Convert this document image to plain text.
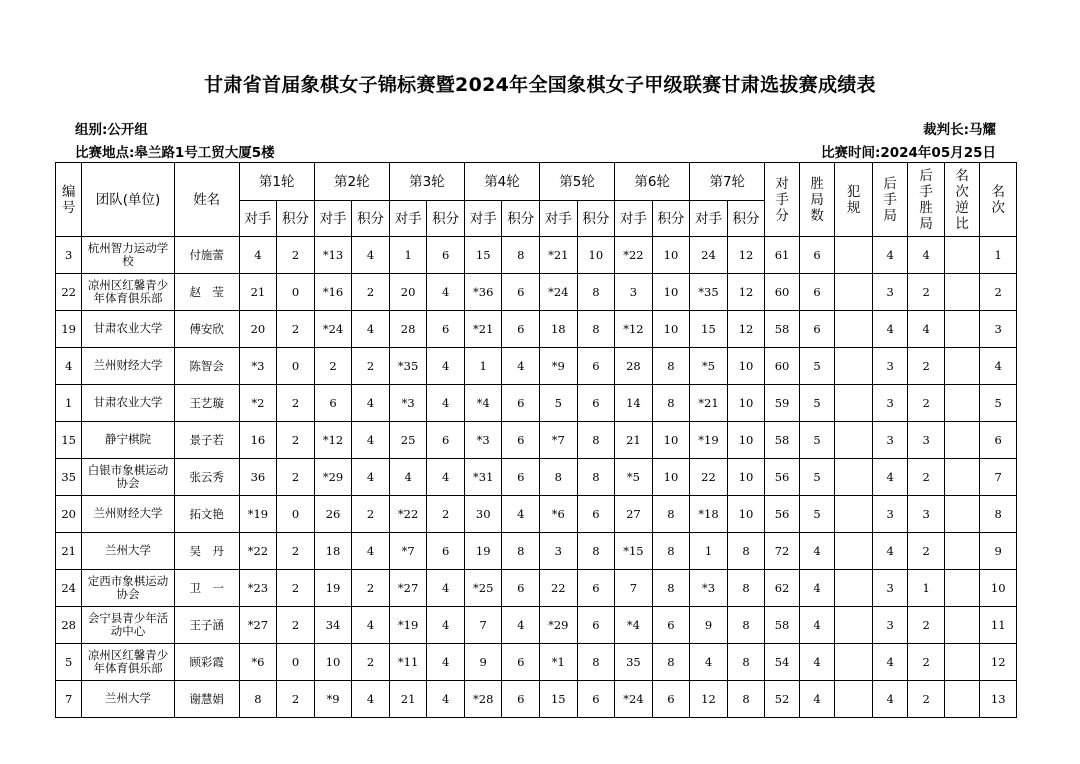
甘肃省首届象棋女子锦标赛暨2024年全国象棋女子甲级联赛甘肃选拔赛成绩表
组别:公开组	裁判长:马耀
比赛地点:皋兰路1号工贸大厦5楼	比赛时间:2024年05月25日
编号	团队(单位)	姓名	第1轮		第2轮		第3轮		第4轮		第5轮		第6轮		第7轮		对手分	胜局数	犯规	后手局	后手胜局	名次逆比	名次

			对手	积分	对手	积分	对手	积分	对手	积分	对手	积分	对手	积分	对手	积分							
3	杭州智力运动学校	付施蕾	4	2	*13	4	1	6	15	8	*21	10	*22	10	24	12	61	6		4	4		1
22	凉州区红馨青少年体育俱乐部	赵　莹	21	0	*16	2	20	4	*36	6	*24	8	3	10	*35	12	60	6		3	2		2
19	甘肃农业大学	傅安欣	20	2	*24	4	28	6	*21	6	18	8	*12	10	15	12	58	6		4	4		3
4	兰州财经大学	陈智会	*3	0	2	2	*35	4	1	4	*9	6	28	8	*5	10	60	5		3	2		4
1	甘肃农业大学	王艺璇	*2	2	6	4	*3	4	*4	6	5	6	14	8	*21	10	59	5		3	2		5
15	静宁棋院	景子若	16	2	*12	4	25	6	*3	6	*7	8	21	10	*19	10	58	5		3	3		6
35	白银市象棋运动协会	张云秀	36	2	*29	4	4	4	*31	6	8	8	*5	10	22	10	56	5		4	2		7
20	兰州财经大学	拓文艳	*19	0	26	2	*22	2	30	4	*6	6	27	8	*18	10	56	5		3	3		8
21	兰州大学	吴　丹	*22	2	18	4	*7	6	19	8	3	8	*15	8	1	8	72	4		4	2		9
24	定西市象棋运动协会	卫　一	*23	2	19	2	*27	4	*25	6	22	6	7	8	*3	8	62	4		3	1		10
28	会宁县青少年活动中心	王子涵	*27	2	34	4	*19	4	7	4	*29	6	*4	6	9	8	58	4		3	2		11
5	凉州区红馨青少年体育俱乐部	顾彩霞	*6	0	10	2	*11	4	9	6	*1	8	35	8	4	8	54	4		4	2		12
7	兰州大学	谢慧娟	8	2	*9	4	21	4	*28	6	15	6	*24	6	12	8	52	4		4	2		13
